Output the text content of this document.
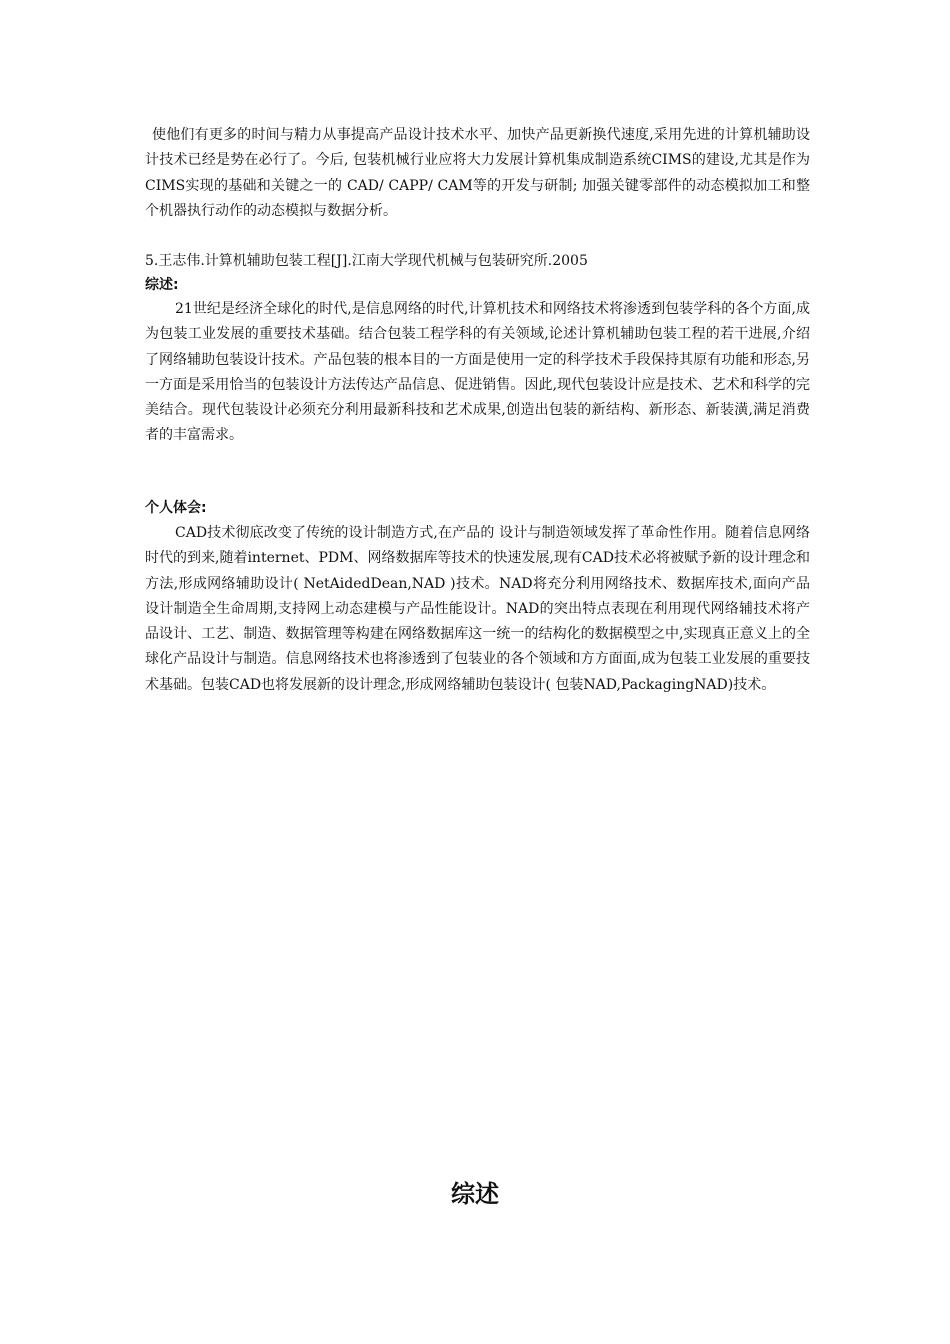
使他们有更多的时间与精力从事提高产品设计技术水平、加快产品更新换代速度,采用先进的计算机辅助设计技术已经是势在必行了。今后, 包装机械行业应将大力发展计算机集成制造系统CIMS的建设,尤其是作为CIMS实现的基础和关键之一的 CAD/ CAPP/ CAM等的开发与研制; 加强关键零部件的动态模拟加工和整个机器执行动作的动态模拟与数据分析。
5.王志伟.计算机辅助包装工程[J].江南大学现代机械与包装研究所.2005
综述:
21世纪是经济全球化的时代,是信息网络的时代,计算机技术和网络技术将渗透到包装学科的各个方面,成为包装工业发展的重要技术基础。结合包装工程学科的有关领域,论述计算机辅助包装工程的若干进展,介绍了网络辅助包装设计技术。产品包装的根本目的一方面是使用一定的科学技术手段保持其原有功能和形态,另一方面是采用恰当的包装设计方法传达产品信息、促进销售。因此,现代包装设计应是技术、艺术和科学的完美结合。现代包装设计必须充分利用最新科技和艺术成果,创造出包装的新结构、新形态、新装潢,满足消费者的丰富需求。
个人体会:
CAD技术彻底改变了传统的设计制造方式,在产品的 设计与制造领域发挥了革命性作用。随着信息网络时代的到来,随着internet、PDM、网络数据库等技术的快速发展,现有CAD技术必将被赋予新的设计理念和方法,形成网络辅助设计( NetAidedDean,NAD )技术。NAD将充分利用网络技术、数据库技术,面向产品设计制造全生命周期,支持网上动态建模与产品性能设计。NAD的突出特点表现在利用现代网络辅技术将产品设计、工艺、制造、数据管理等构建在网络数据库这一统一的结构化的数据模型之中,实现真正意义上的全球化产品设计与制造。信息网络技术也将渗透到了包装业的各个领域和方方面面,成为包装工业发展的重要技术基础。包装CAD也将发展新的设计理念,形成网络辅助包装设计( 包装NAD,PackagingNAD)技术。
综述
